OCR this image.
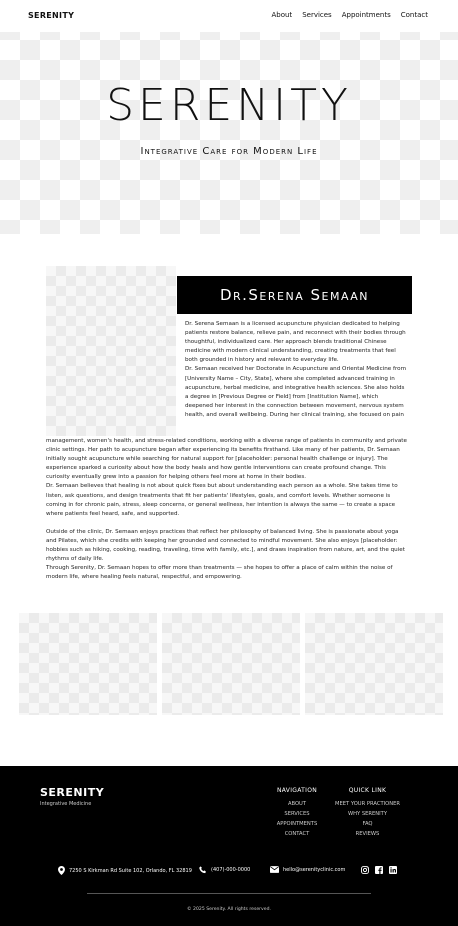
SERENITY	About Services Appointments Contact
SERENITY
Integrative Care for Modern Life
Dr.Serena Semaan

Dr. Serena Semaan is a licensed acupuncture physician dedicated to helping patients restore balance, relieve pain, and reconnect with their bodies through thoughtful, individualized care. Her approach blends traditional Chinese medicine with modern clinical understanding, creating treatments that feel both grounded in history and relevant to everyday life.

Dr. Semaan received her Doctorate in Acupuncture and Oriental Medicine from [University Name – City, State], where she completed advanced training in acupuncture, herbal medicine, and integrative health sciences. She also holds a degree in [Previous Degree or Field] from [Institution Name], which deepened her interest in the connection between movement, nervous system health, and overall wellbeing. During her clinical training, she focused on pain

management, women's health, and stress-related conditions, working with a diverse range of patients in community and private clinic settings. Her path to acupuncture began after experiencing its benefits firsthand. Like many of her patients, Dr. Semaan initially sought acupuncture while searching for natural support for [placeholder: personal health challenge or injury]. The experience sparked a curiosity about how the body heals and how gentle interventions can create profound change. This curiosity eventually grew into a passion for helping others feel more at home in their bodies.

Dr. Semaan believes that healing is not about quick fixes but about understanding each person as a whole. She takes time to listen, ask questions, and design treatments that fit her patients' lifestyles, goals, and comfort levels. Whether someone is coming in for chronic pain, stress, sleep concerns, or general wellness, her intention is always the same — to create a space where patients feel heard, safe, and supported.

Outside of the clinic, Dr. Semaan enjoys practices that reflect her philosophy of balanced living. She is passionate about yoga and Pilates, which she credits with keeping her grounded and connected to mindful movement. She also enjoys [placeholder: hobbies such as hiking, cooking, reading, traveling, time with family, etc.], and draws inspiration from nature, art, and the quiet rhythms of daily life.

Through Serenity, Dr. Semaan hopes to offer more than treatments — she hopes to offer a place of calm within the noise of modern life, where healing feels natural, respectful, and empowering.

SERENITY
Integrative Medicine
NAVIGATION
ABOUT
SERVICES
APPOINTMENTS
CONTACT
QUICK LINK
MEET YOUR PRACTIONER
WHY SERENITY
FAQ
REVIEWS
7250 S Kirkman Rd Suite 102, Orlando, FL 32819	(407)-000-0000	hello@serenityclinic.com
© 2025 Serenity. All rights reserved.
